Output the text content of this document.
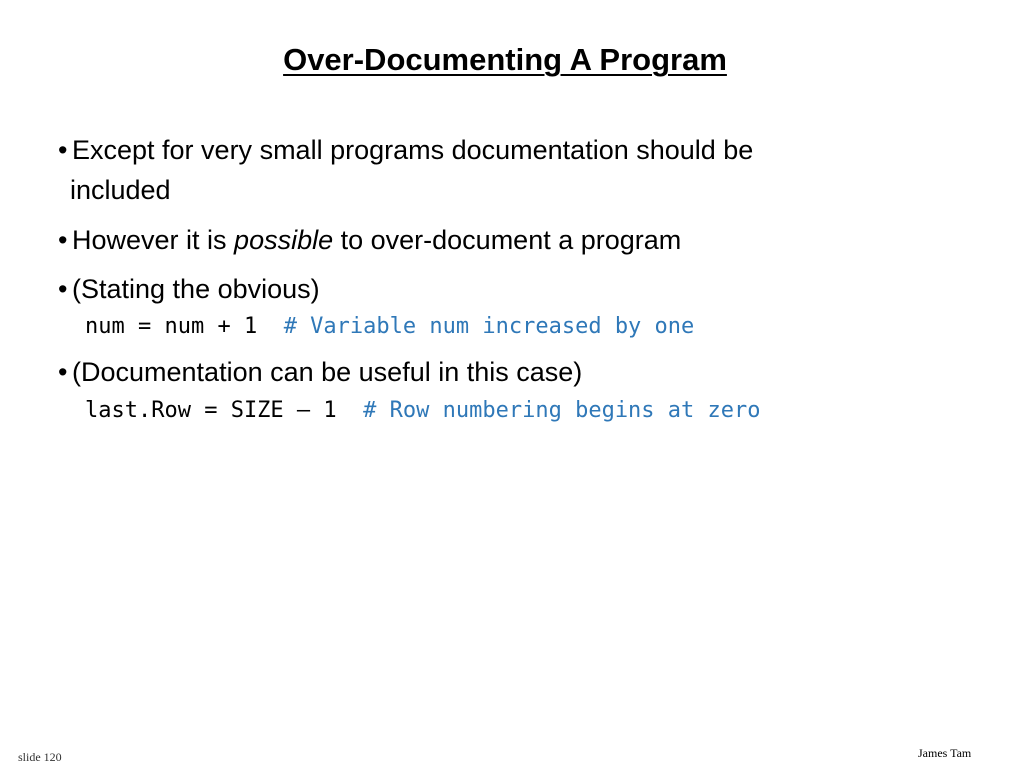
Over-Documenting A Program
• Except for very small programs documentation should be
included
• However it is possible to over-document a program
• (Stating the obvious)
num = num + 1  # Variable num increased by one
• (Documentation can be useful in this case)
last.Row = SIZE – 1  # Row numbering begins at zero
slide 120	James Tam
